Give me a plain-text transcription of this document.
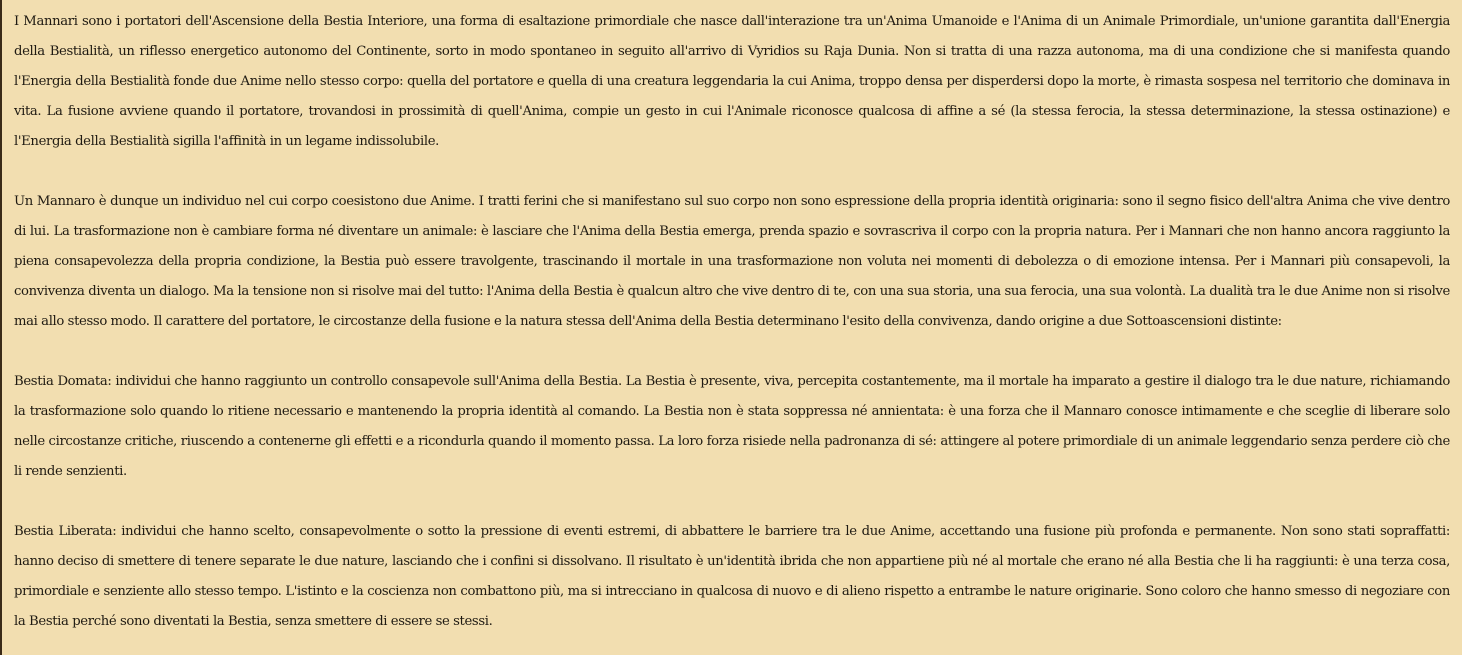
I Mannari sono i portatori dell'Ascensione della Bestia Interiore, una forma di esaltazione primordiale che nasce dall'interazione tra un'Anima Umanoide e l'Anima di un Animale Primordiale, un'unione garantita dall'Energia della Bestialità, un riflesso energetico autonomo del Continente, sorto in modo spontaneo in seguito all'arrivo di Vyridios su Raja Dunia. Non si tratta di una razza autonoma, ma di una condizione che si manifesta quando l'Energia della Bestialità fonde due Anime nello stesso corpo: quella del portatore e quella di una creatura leggendaria la cui Anima, troppo densa per disperdersi dopo la morte, è rimasta sospesa nel territorio che dominava in vita. La fusione avviene quando il portatore, trovandosi in prossimità di quell'Anima, compie un gesto in cui l'Animale riconosce qualcosa di affine a sé (la stessa ferocia, la stessa determinazione, la stessa ostinazione) e l'Energia della Bestialità sigilla l'affinità in un legame indissolubile.

Un Mannaro è dunque un individuo nel cui corpo coesistono due Anime. I tratti ferini che si manifestano sul suo corpo non sono espressione della propria identità originaria: sono il segno fisico dell'altra Anima che vive dentro di lui. La trasformazione non è cambiare forma né diventare un animale: è lasciare che l'Anima della Bestia emerga, prenda spazio e sovrascriva il corpo con la propria natura. Per i Mannari che non hanno ancora raggiunto la piena consapevolezza della propria condizione, la Bestia può essere travolgente, trascinando il mortale in una trasformazione non voluta nei momenti di debolezza o di emozione intensa. Per i Mannari più consapevoli, la convivenza diventa un dialogo. Ma la tensione non si risolve mai del tutto: l'Anima della Bestia è qualcun altro che vive dentro di te, con una sua storia, una sua ferocia, una sua volontà. La dualità tra le due Anime non si risolve mai allo stesso modo. Il carattere del portatore, le circostanze della fusione e la natura stessa dell'Anima della Bestia determinano l'esito della convivenza, dando origine a due Sottoascensioni distinte:

Bestia Domata: individui che hanno raggiunto un controllo consapevole sull'Anima della Bestia. La Bestia è presente, viva, percepita costantemente, ma il mortale ha imparato a gestire il dialogo tra le due nature, richiamando la trasformazione solo quando lo ritiene necessario e mantenendo la propria identità al comando. La Bestia non è stata soppressa né annientata: è una forza che il Mannaro conosce intimamente e che sceglie di liberare solo nelle circostanze critiche, riuscendo a contenerne gli effetti e a ricondurla quando il momento passa. La loro forza risiede nella padronanza di sé: attingere al potere primordiale di un animale leggendario senza perdere ciò che li rende senzienti.

Bestia Liberata: individui che hanno scelto, consapevolmente o sotto la pressione di eventi estremi, di abbattere le barriere tra le due Anime, accettando una fusione più profonda e permanente. Non sono stati sopraffatti: hanno deciso di smettere di tenere separate le due nature, lasciando che i confini si dissolvano. Il risultato è un'identità ibrida che non appartiene più né al mortale che erano né alla Bestia che li ha raggiunti: è una terza cosa, primordiale e senziente allo stesso tempo. L'istinto e la coscienza non combattono più, ma si intrecciano in qualcosa di nuovo e di alieno rispetto a entrambe le nature originarie. Sono coloro che hanno smesso di negoziare con la Bestia perché sono diventati la Bestia, senza smettere di essere se stessi.
